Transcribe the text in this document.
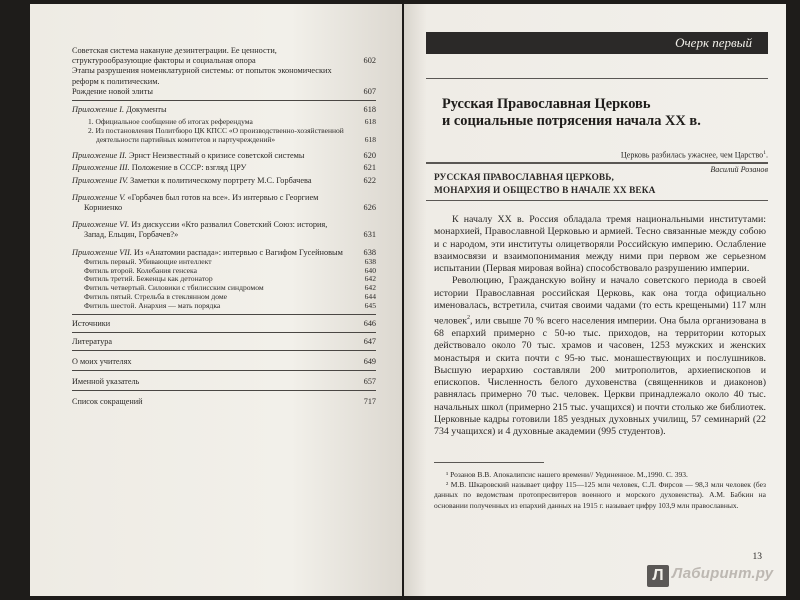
Советская система накануне дезинтеграции. Ее ценности, структурообразующие факторы и социальная опора	602
Этапы разрушения номенклатурной системы: от попыток экономических реформ к политическим.
Рождение новой элиты	607
Приложение I. Документы	618
1. Официальное сообщение об итогах референдума	618
2. Из постановления Политбюро ЦК КПСС «О производственно-хозяйственной деятельности партийных комитетов и партучреждений»	618
Приложение II. Эрнст Неизвестный о кризисе советской системы	620
Приложение III. Положение в СССР: взгляд ЦРУ	621
Приложение IV. Заметки к политическому портрету М.С. Горбачева	622
Приложение V. «Горбачев был готов на все». Из интервью с Георгием Корниенко	626
Приложение VI. Из дискуссии «Кто развалил Советский Союз: история, Запад, Ельцин, Горбачев?»	631
Приложение VII. Из «Анатомии распада»: интервью с Вагифом Гусейновым	638
Фитиль первый. Убивающие интеллект	638
Фитиль второй. Колебания генсека	640
Фитиль третий. Беженцы как детонатор	642
Фитиль четвертый. Силовики с тбилисским синдромом	642
Фитиль пятый. Стрельба в стеклянном доме	644
Фитиль шестой. Анархия — мать порядка	645
Источники	646
Литература	647
О моих учителях	649
Именной указатель	657
Список сокращений	717
Очерк первый
Русская Православная Церковь
и социальные потрясения начала XX в.
Церковь разбилась ужаснее, чем Царство$^1$.
Василий Розанов
РУССКАЯ ПРАВОСЛАВНАЯ ЦЕРКОВЬ,
МОНАРХИЯ И ОБЩЕСТВО В НАЧАЛЕ XX ВЕКА

К началу XX в. Россия обладала тремя национальными институтами: монархией, Православной Церковью и армией. Тесно связанные между собою и с народом, эти институты олицетворяли Российскую империю. Ослабление взаимосвязи и взаимопонимания между ними при первом же серьезном испытании (Первая мировая война) способствовало разрушению империи.

Революцию, Гражданскую войну и начало советского периода в своей истории Православная российская Церковь, как она тогда официально именовалась, встретила, считая своими чадами (то есть крещеными) 117 млн человек$^2$, или свыше 70 % всего населения империи. Она была организована в 68 епархий примерно с 50-ю тыс. приходов, на территории которых действовало около 70 тыс. храмов и часовен, 1253 мужских и женских монастыря и скита почти с 95-ю тыс. монашествующих и послушников. Высшую иерархию составляли 200 митрополитов, архиепископов и епископов. Численность белого духовенства (священников и диаконов) равнялась примерно 70 тыс. человек. Церкви принадлежало около 40 тыс. начальных школ (примерно 215 тыс. учащихся) и почти столько же библиотек. Церковные кадры готовили 185 уездных духовных училищ, 57 семинарий (22 734 учащихся) и 4 духовные академии (995 студентов).

¹ Розанов В.В. Апокалипсис нашего времени// Уединенное. М.,1990. С. 393.

² М.В. Шкаровский называет цифру 115—125 млн человек, С.Л. Фирсов — 98,3 млн человек (без данных по ведомствам протопресвитеров военного и морского духовенства). А.М. Бабкин на основании полученных из епархий данных на 1915 г. называет цифру 103,9 млн православных.

13
Л Лабиринт.ру
